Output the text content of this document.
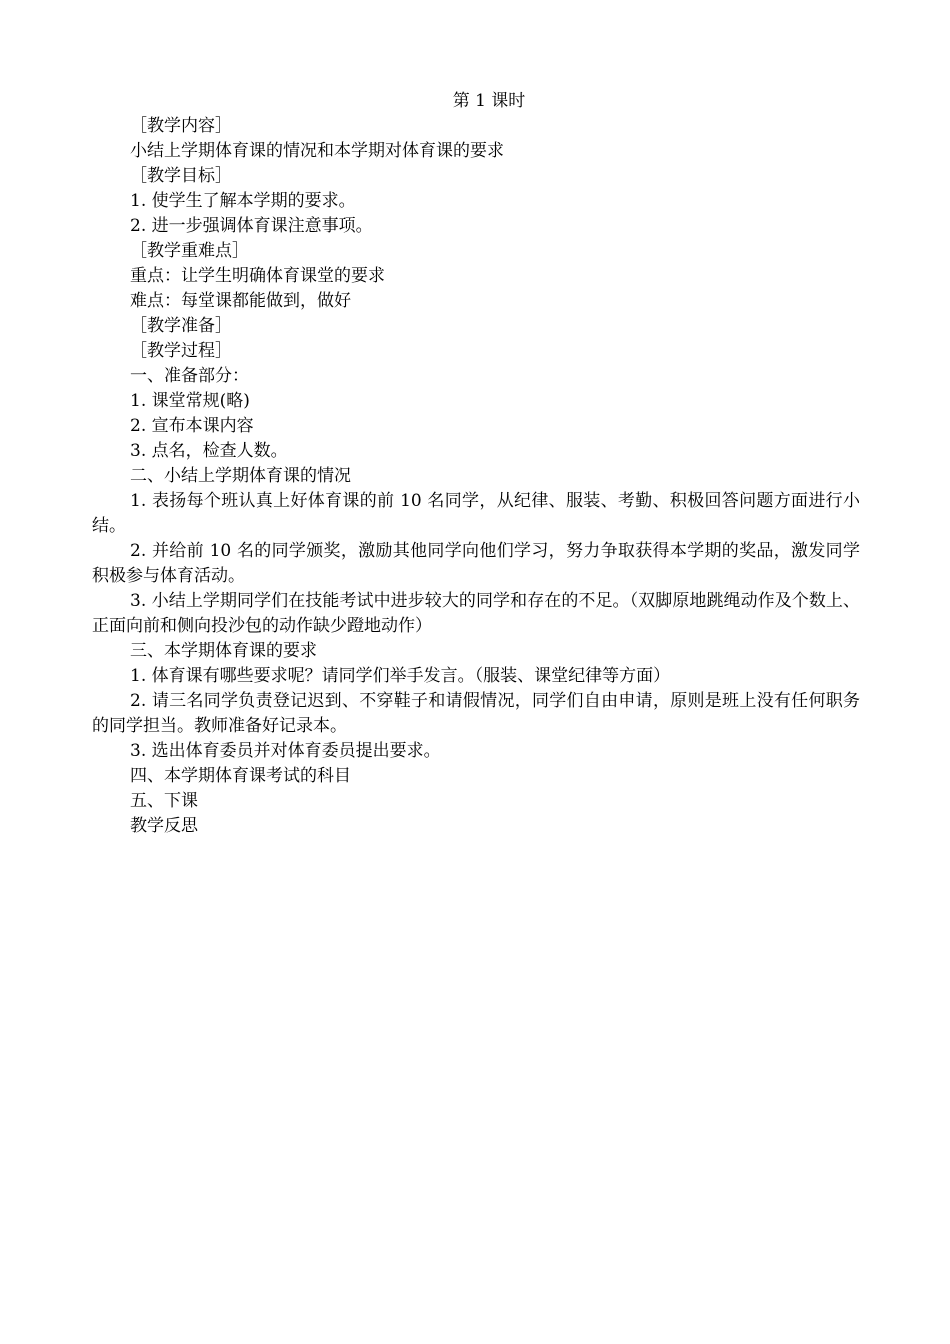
第 1 课时
［教学内容］
小结上学期体育课的情况和本学期对体育课的要求
［教学目标］
1. 使学生了解本学期的要求。
2. 进一步强调体育课注意事项。
［教学重难点］
重点：让学生明确体育课堂的要求
难点：每堂课都能做到，做好
［教学准备］
［教学过程］
一、准备部分：
1. 课堂常规(略)
2. 宣布本课内容
3. 点名，检查人数。
二、小结上学期体育课的情况
1. 表扬每个班认真上好体育课的前 10 名同学，从纪律、服装、考勤、积极回答问题方面进行小结。
2. 并给前 10 名的同学颁奖，激励其他同学向他们学习，努力争取获得本学期的奖品，激发同学积极参与体育活动。
3. 小结上学期同学们在技能考试中进步较大的同学和存在的不足。（双脚原地跳绳动作及个数上、正面向前和侧向投沙包的动作缺少蹬地动作）
三、本学期体育课的要求
1. 体育课有哪些要求呢？请同学们举手发言。（服装、课堂纪律等方面）
2. 请三名同学负责登记迟到、不穿鞋子和请假情况，同学们自由申请，原则是班上没有任何职务的同学担当。教师准备好记录本。
3. 选出体育委员并对体育委员提出要求。
四、本学期体育课考试的科目
五、下课
教学反思
